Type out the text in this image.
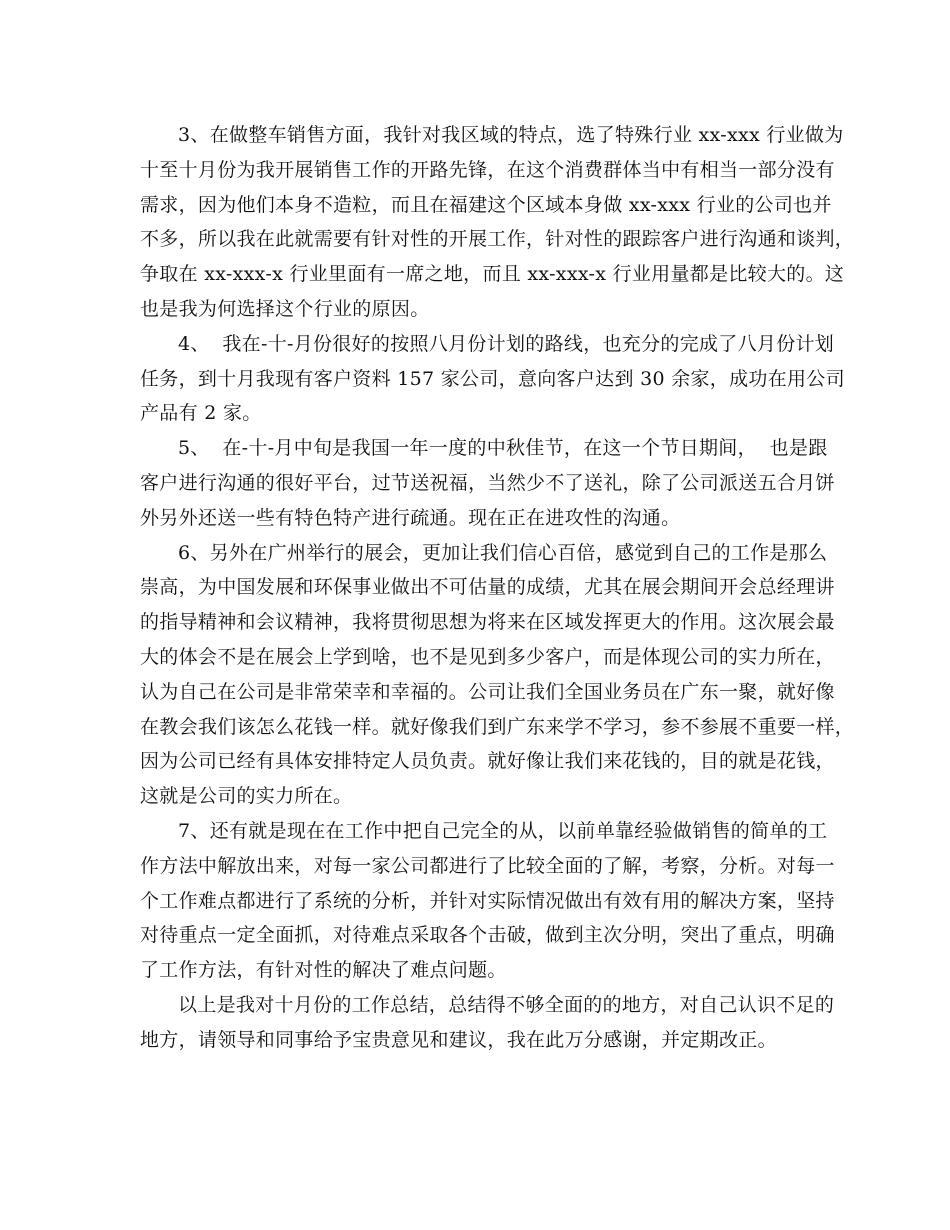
3、在做整车销售方面，我针对我区域的特点，选了特殊行业 xx-xxx 行业做为
十至十月份为我开展销售工作的开路先锋，在这个消费群体当中有相当一部分没有
需求，因为他们本身不造粒，而且在福建这个区域本身做 xx-xxx 行业的公司也并
不多，所以我在此就需要有针对性的开展工作，针对性的跟踪客户进行沟通和谈判，
争取在 xx-xxx-x 行业里面有一席之地，而且 xx-xxx-x 行业用量都是比较大的。这
也是我为何选择这个行业的原因。
4、  我在-十-月份很好的按照八月份计划的路线，也充分的完成了八月份计划
任务，到十月我现有客户资料 157 家公司，意向客户达到 30 余家，成功在用公司
产品有 2 家。
5、  在-十-月中旬是我国一年一度的中秋佳节，在这一个节日期间，  也是跟
客户进行沟通的很好平台，过节送祝福，当然少不了送礼，除了公司派送五合月饼
外另外还送一些有特色特产进行疏通。现在正在进攻性的沟通。
6、另外在广州举行的展会，更加让我们信心百倍，感觉到自己的工作是那么
崇高，为中国发展和环保事业做出不可估量的成绩，尤其在展会期间开会总经理讲
的指导精神和会议精神，我将贯彻思想为将来在区域发挥更大的作用。这次展会最
大的体会不是在展会上学到啥，也不是见到多少客户，而是体现公司的实力所在，
认为自己在公司是非常荣幸和幸福的。公司让我们全国业务员在广东一聚，就好像
在教会我们该怎么花钱一样。就好像我们到广东来学不学习，参不参展不重要一样，
因为公司已经有具体安排特定人员负责。就好像让我们来花钱的，目的就是花钱，
这就是公司的实力所在。
7、还有就是现在在工作中把自己完全的从，以前单靠经验做销售的简单的工
作方法中解放出来，对每一家公司都进行了比较全面的了解，考察，分析。对每一
个工作难点都进行了系统的分析，并针对实际情况做出有效有用的解决方案，坚持
对待重点一定全面抓，对待难点采取各个击破，做到主次分明，突出了重点，明确
了工作方法，有针对性的解决了难点问题。
以上是我对十月份的工作总结，总结得不够全面的的地方，对自己认识不足的
地方，请领导和同事给予宝贵意见和建议，我在此万分感谢，并定期改正。
